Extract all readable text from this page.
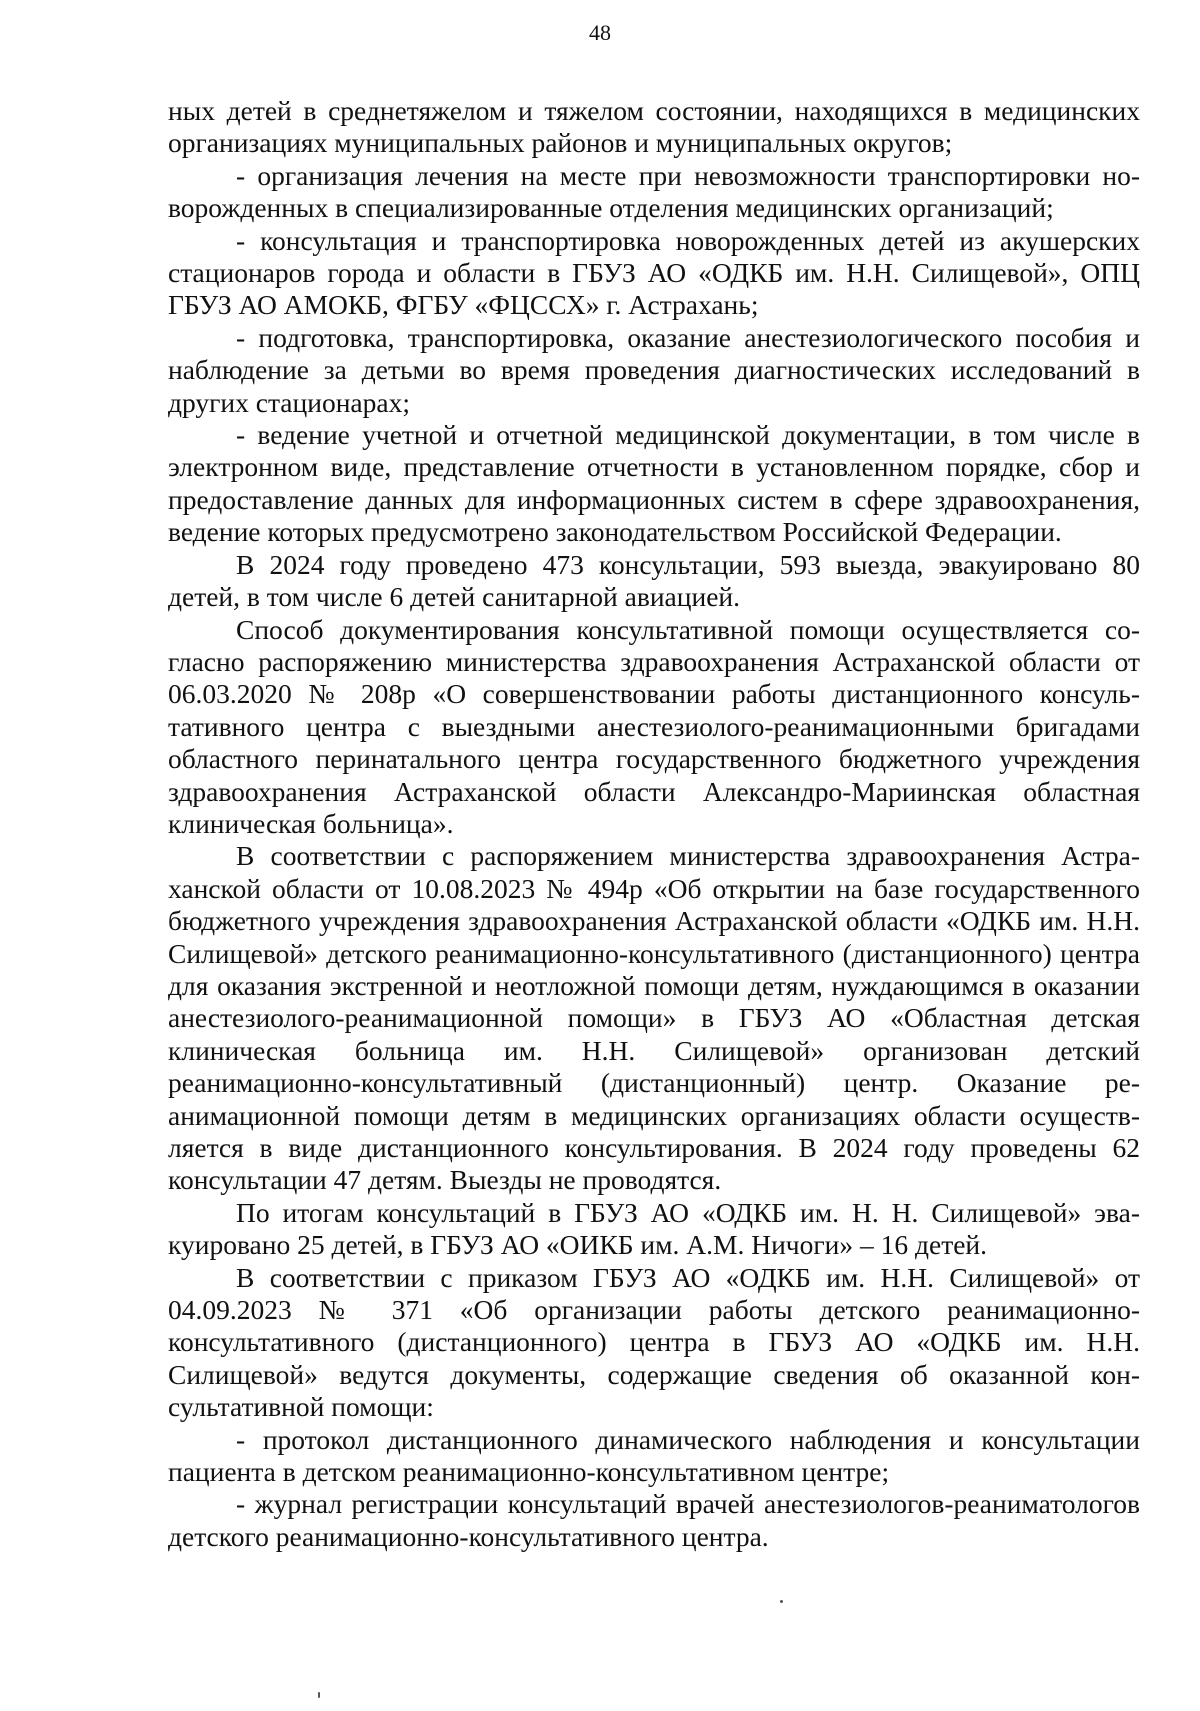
48

ных детей в среднетяжелом и тяжелом состоянии, находящихся в медицинских организациях муниципальных районов и муниципальных округов;

- организация лечения на месте при невозможности транспортировки новорожденных в специализированные отделения медицинских организаций;

- консультация и транспортировка новорожденных детей из акушерских стационаров города и области в ГБУЗ АО «ОДКБ им. Н.Н. Силищевой», ОПЦ ГБУЗ АО АМОКБ, ФГБУ «ФЦССХ» г. Астрахань;

- подготовка, транспортировка, оказание анестезиологического пособия и наблюдение за детьми во время проведения диагностических исследований в других стационарах;

- ведение учетной и отчетной медицинской документации, в том числе в электронном виде, представление отчетности в установленном порядке, сбор и предоставление данных для информационных систем в сфере здравоохранения, ведение которых предусмотрено законодательством Российской Федерации.

В 2024 году проведено 473 консультации, 593 выезда, эвакуировано 80 детей, в том числе 6 детей санитарной авиацией.

Способ документирования консультативной помощи осуществляется согласно распоряжению министерства здравоохранения Астраханской области от 06.03.2020 № 208р «О совершенствовании работы дистанционного консультативного центра с выездными анестезиолого-реанимационными бригадами областного перинатального центра государственного бюджетного учреждения здравоохранения Астраханской области Александро-Мариинская областная клиническая больница».

В соответствии с распоряжением министерства здравоохранения Астраханской области от 10.08.2023 № 494р «Об открытии на базе государственного бюджетного учреждения здравоохранения Астраханской области «ОДКБ им. Н.Н. Силищевой» детского реанимационно-консультативного (дистанционного) центра для оказания экстренной и неотложной помощи детям, нуждающимся в оказании анестезиолого-реанимационной помощи» в ГБУЗ АО «Областная детская клиническая больница им. Н.Н. Силищевой» организован детский реанимационно-консультативный (дистанционный) центр. Оказание реанимационной помощи детям в медицинских организациях области осуществляется в виде дистанционного консультирования. В 2024 году проведены 62 консультации 47 детям. Выезды не проводятся.

По итогам консультаций в ГБУЗ АО «ОДКБ им. Н. Н. Силищевой» эвакуировано 25 детей, в ГБУЗ АО «ОИКБ им. А.М. Ничоги» – 16 детей.

В соответствии с приказом ГБУЗ АО «ОДКБ им. Н.Н. Силищевой» от 04.09.2023 № 371 «Об организации работы детского реанимационно-консультативного (дистанционного) центра в ГБУЗ АО «ОДКБ им. Н.Н. Силищевой» ведутся документы, содержащие сведения об оказанной консультативной помощи:

- протокол дистанционного динамического наблюдения и консультации пациента в детском реанимационно-консультативном центре;

- журнал регистрации консультаций врачей анестезиологов-реаниматологов детского реанимационно-консультативного центра.
